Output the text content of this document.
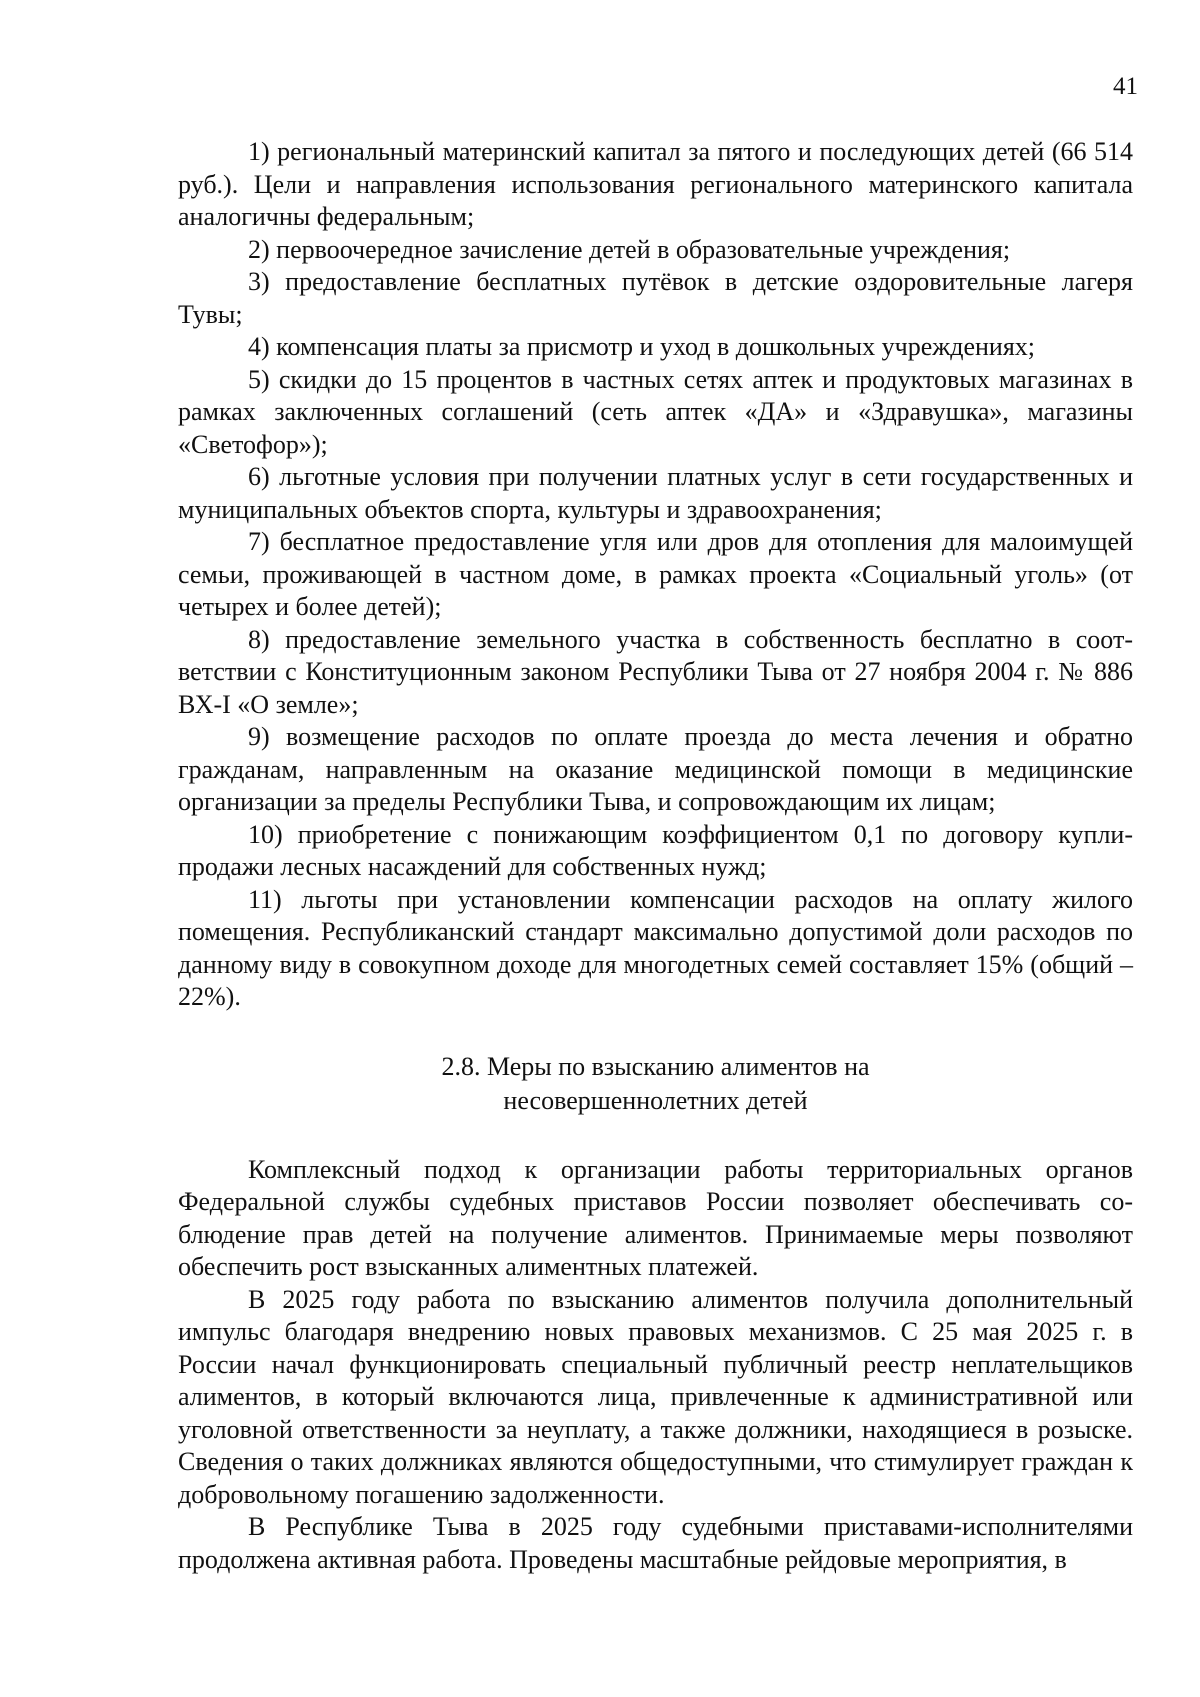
41

1) региональный материнский капитал за пятого и последующих детей (66 514 руб.). Цели и направления использования регионального материнского капитала аналогичны федеральным;

2) первоочередное зачисление детей в образовательные учреждения;

3) предоставление бесплатных путёвок в детские оздоровительные лагеря Тувы;

4) компенсация платы за присмотр и уход в дошкольных учреждениях;

5) скидки до 15 процентов в частных сетях аптек и продуктовых магазинах в рамках заключенных соглашений (сеть аптек «ДА» и «Здравушка», магазины «Светофор»);

6) льготные условия при получении платных услуг в сети государственных и муниципальных объектов спорта, культуры и здравоохранения;

7) бесплатное предоставление угля или дров для отопления для малоимущей семьи, проживающей в частном доме, в рамках проекта «Социальный уголь» (от четырех и более детей);

8) предоставление земельного участка в собственность бесплатно в соответствии с Конституционным законом Республики Тыва от 27 ноября 2004 г. № 886 ВХ-I «О земле»;

9) возмещение расходов по оплате проезда до места лечения и обратно гражданам, направленным на оказание медицинской помощи в медицинские организации за пределы Республики Тыва, и сопровождающим их лицам;

10) приобретение с понижающим коэффициентом 0,1 по договору купли-продажи лесных насаждений для собственных нужд;

11) льготы при установлении компенсации расходов на оплату жилого помещения. Республиканский стандарт максимально допустимой доли расходов по данному виду в совокупном доходе для многодетных семей составляет 15% (общий – 22%).

2.8. Меры по взысканию алиментов на
несовершеннолетних детей

Комплексный подход к организации работы территориальных органов Федеральной службы судебных приставов России позволяет обеспечивать соблюдение прав детей на получение алиментов. Принимаемые меры позволяют обеспечить рост взысканных алиментных платежей.

В 2025 году работа по взысканию алиментов получила дополнительный импульс благодаря внедрению новых правовых механизмов. С 25 мая 2025 г. в России начал функционировать специальный публичный реестр неплательщиков алиментов, в который включаются лица, привлеченные к административной или уголовной ответственности за неуплату, а также должники, находящиеся в розыске. Сведения о таких должниках являются общедоступными, что стимулирует граждан к добровольному погашению задолженности.

В Республике Тыва в 2025 году судебными приставами-исполнителями продолжена активная работа. Проведены масштабные рейдовые мероприятия, в
